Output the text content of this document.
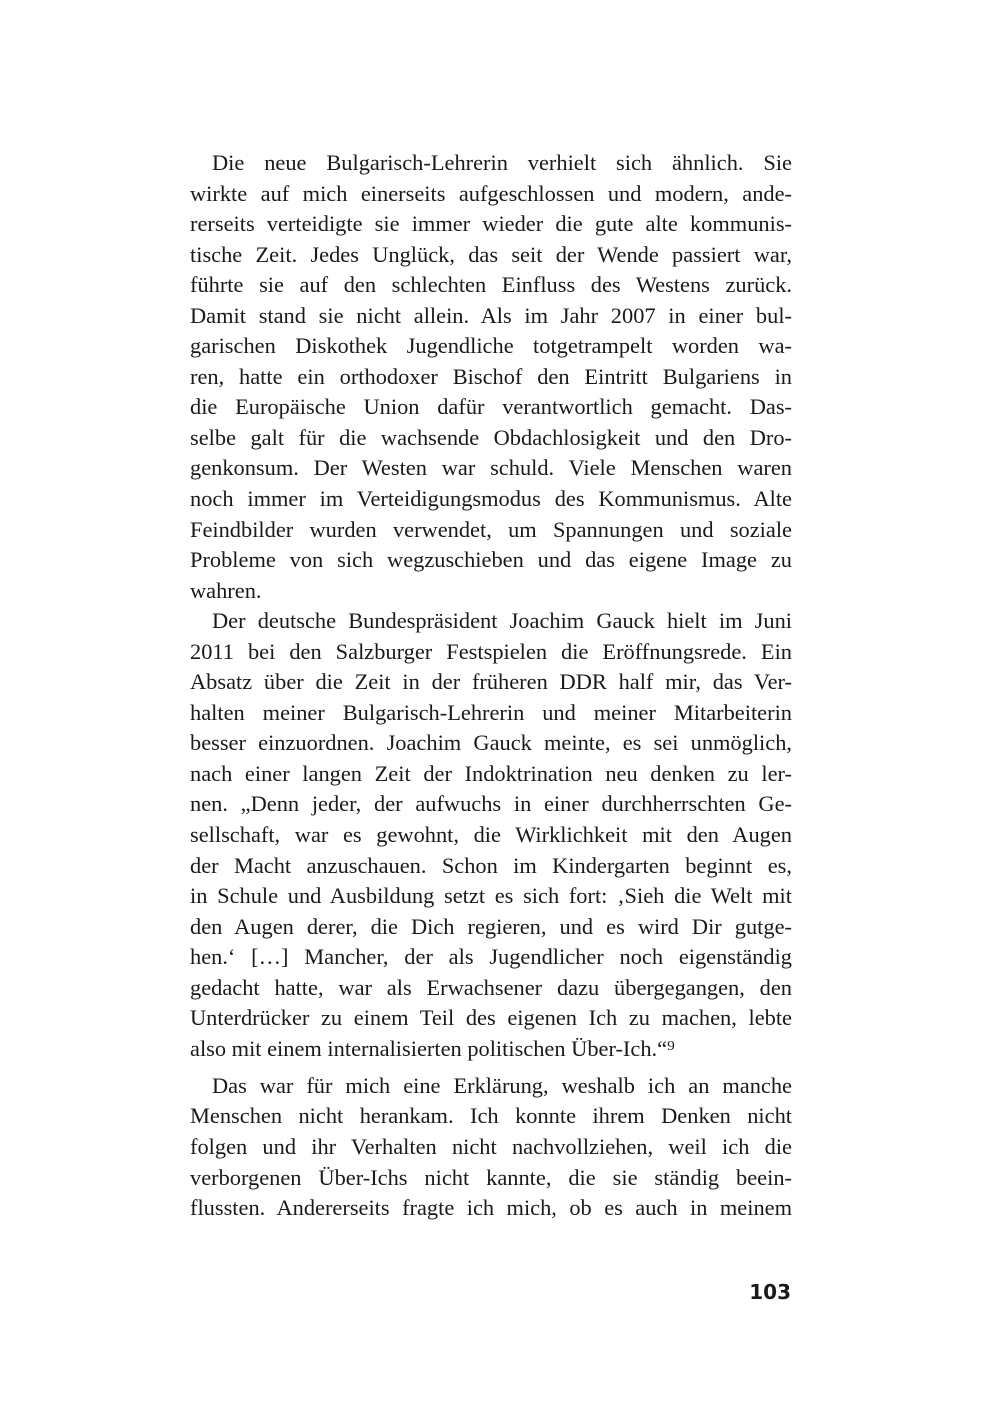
Die neue Bulgarisch-Lehrerin verhielt sich ähnlich. Sie
wirkte auf mich einerseits aufgeschlossen und modern, ande-
rerseits verteidigte sie immer wieder die gute alte kommunis-
tische Zeit. Jedes Unglück, das seit der Wende passiert war,
führte sie auf den schlechten Einfluss des Westens zurück.
Damit stand sie nicht allein. Als im Jahr 2007 in einer bul-
garischen Diskothek Jugendliche totgetrampelt worden wa-
ren, hatte ein orthodoxer Bischof den Eintritt Bulgariens in
die Europäische Union dafür verantwortlich gemacht. Das-
selbe galt für die wachsende Obdachlosigkeit und den Dro-
genkonsum. Der Westen war schuld. Viele Menschen waren
noch immer im Verteidigungsmodus des Kommunismus. Alte
Feindbilder wurden verwendet, um Spannungen und soziale
Probleme von sich wegzuschieben und das eigene Image zu
wahren.
Der deutsche Bundespräsident Joachim Gauck hielt im Juni
2011 bei den Salzburger Festspielen die Eröffnungsrede. Ein
Absatz über die Zeit in der früheren DDR half mir, das Ver-
halten meiner Bulgarisch-Lehrerin und meiner Mitarbeiterin
besser einzuordnen. Joachim Gauck meinte, es sei unmöglich,
nach einer langen Zeit der Indoktrination neu denken zu ler-
nen. „Denn jeder, der aufwuchs in einer durchherrschten Ge-
sellschaft, war es gewohnt, die Wirklichkeit mit den Augen
der Macht anzuschauen. Schon im Kindergarten beginnt es,
in Schule und Ausbildung setzt es sich fort: ‚Sieh die Welt mit
den Augen derer, die Dich regieren, und es wird Dir gutge-
hen.‘ […] Mancher, der als Jugendlicher noch eigenständig
gedacht hatte, war als Erwachsener dazu übergegangen, den
Unterdrücker zu einem Teil des eigenen Ich zu machen, lebte
also mit einem internalisierten politischen Über-Ich.“⁹
Das war für mich eine Erklärung, weshalb ich an manche
Menschen nicht herankam. Ich konnte ihrem Denken nicht
folgen und ihr Verhalten nicht nachvollziehen, weil ich die
verborgenen Über-Ichs nicht kannte, die sie ständig beein-
flussten. Andererseits fragte ich mich, ob es auch in meinem
103
